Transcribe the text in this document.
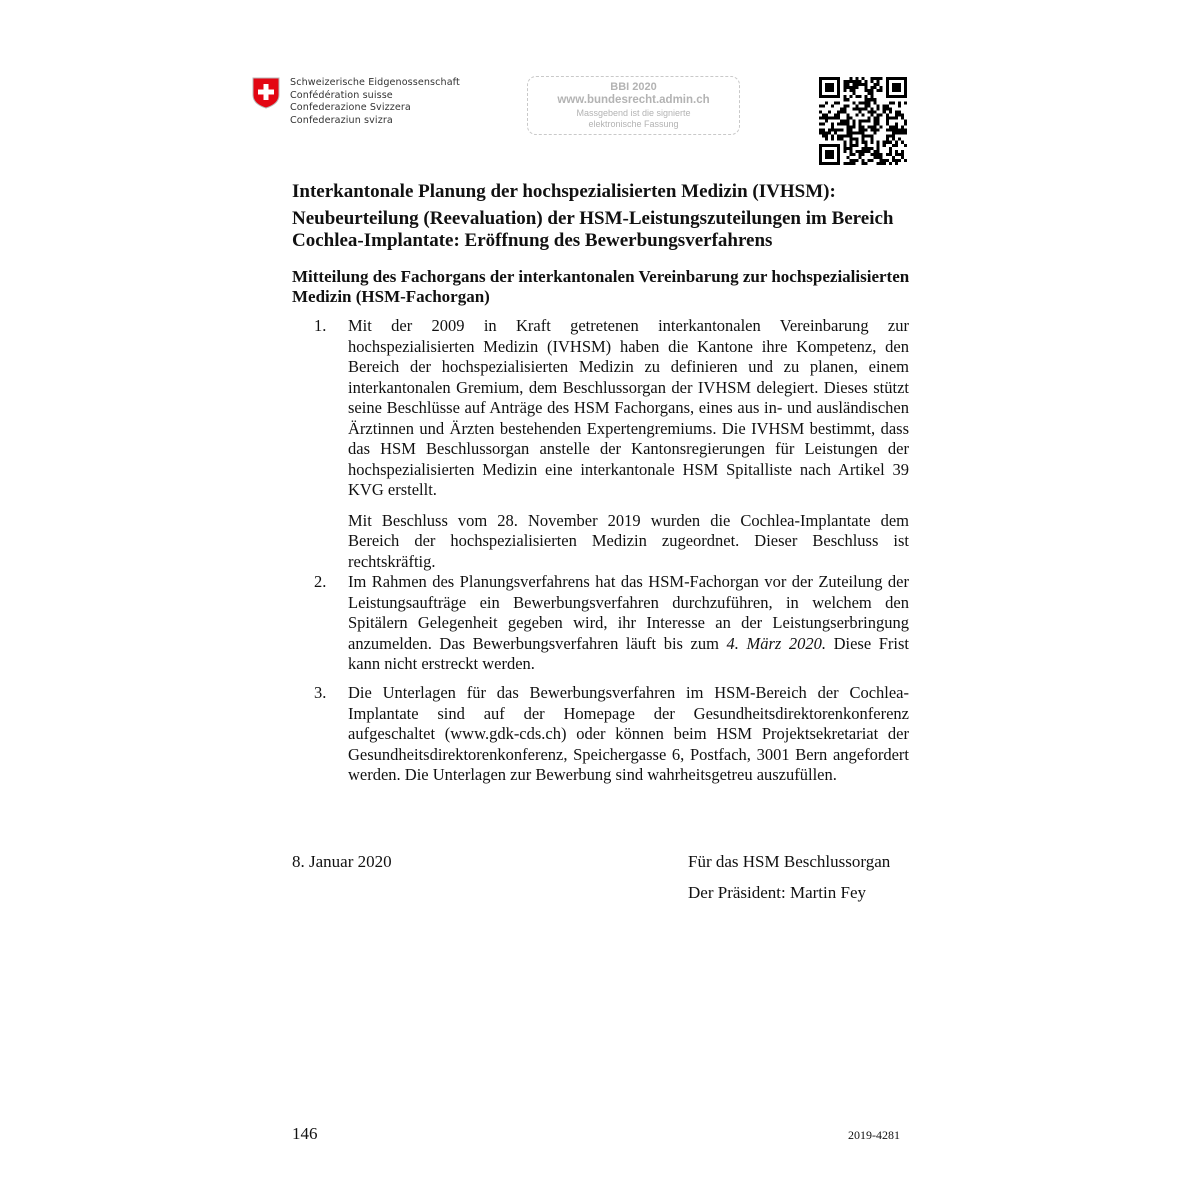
Schweizerische Eidgenossenschaft
Confédération suisse
Confederazione Svizzera
Confederaziun svizra
BBI 2020
www.bundesrecht.admin.ch
Massgebend ist die signierte
elektronische Fassung
Interkantonale Planung der hochspezialisierten Medizin (IVHSM):
Neubeurteilung (Reevaluation) der HSM-Leistungszuteilungen im Bereich Cochlea-Implantate: Eröffnung des Bewerbungsverfahrens
Mitteilung des Fachorgans der interkantonalen Vereinbarung zur hochspezialisierten Medizin (HSM-Fachorgan)
1. Mit der 2009 in Kraft getretenen interkantonalen Vereinbarung zur hochspezialisierten Medizin (IVHSM) haben die Kantone ihre Kompetenz, den Bereich der hochspezialisierten Medizin zu definieren und zu planen, einem interkantonalen Gremium, dem Beschlussorgan der IVHSM delegiert. Dieses stützt seine Beschlüsse auf Anträge des HSM Fachorgans, eines aus in- und ausländischen Ärztinnen und Ärzten bestehenden Expertengremiums. Die IVHSM bestimmt, dass das HSM Beschlussorgan anstelle der Kantonsregierungen für Leistungen der hochspezialisierten Medizin eine interkantonale HSM Spitalliste nach Artikel 39 KVG erstellt.

Mit Beschluss vom 28. November 2019 wurden die Cochlea-Implantate dem Bereich der hochspezialisierten Medizin zugeordnet. Dieser Beschluss ist rechtskräftig.

2. Im Rahmen des Planungsverfahrens hat das HSM-Fachorgan vor der Zuteilung der Leistungsaufträge ein Bewerbungsverfahren durchzuführen, in welchem den Spitälern Gelegenheit gegeben wird, ihr Interesse an der Leistungserbringung anzumelden. Das Bewerbungsverfahren läuft bis zum 4. März 2020. Diese Frist kann nicht erstreckt werden.

3. Die Unterlagen für das Bewerbungsverfahren im HSM-Bereich der Cochlea-Implantate sind auf der Homepage der Gesundheitsdirektorenkonferenz aufgeschaltet (www.gdk-cds.ch) oder können beim HSM Projektsekretariat der Gesundheitsdirektorenkonferenz, Speichergasse 6, Postfach, 3001 Bern angefordert werden. Die Unterlagen zur Bewerbung sind wahrheitsgetreu auszufüllen.

8. Januar 2020	Für das HSM Beschlussorgan
Der Präsident: Martin Fey
146	2019-4281
